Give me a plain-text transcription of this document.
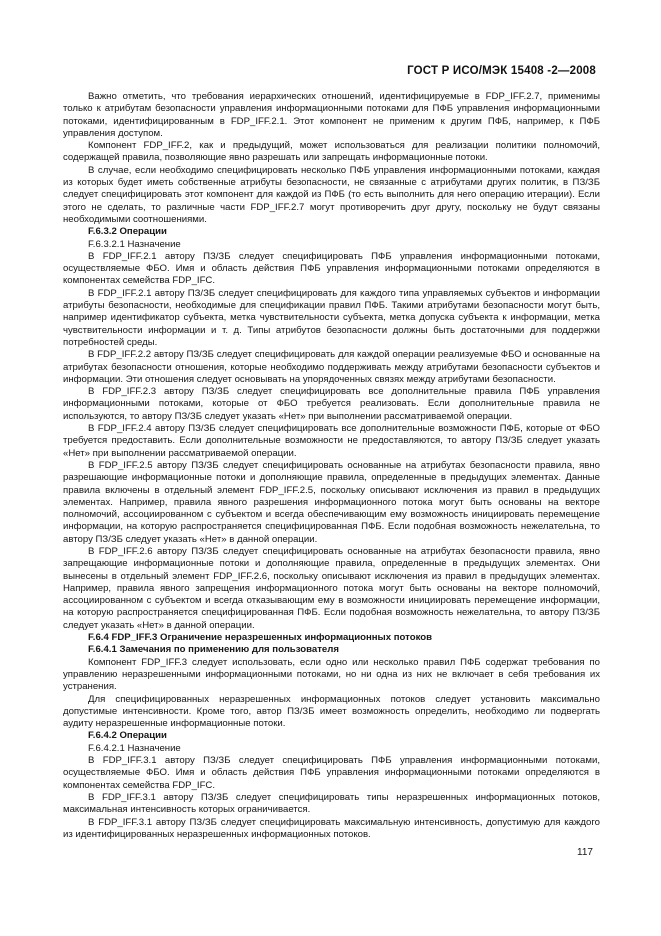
ГОСТ Р ИСО/МЭК 15408 -2—2008

Важно отметить, что требования иерархических отношений, идентифицируемые в FDP_IFF.2.7, применимы только к атрибутам безопасности управления информационными потоками для ПФБ управления информационными потоками, идентифицированным в FDP_IFF.2.1. Этот компонент не применим к другим ПФБ, например, к ПФБ управления доступом.

Компонент FDP_IFF.2, как и предыдущий, может использоваться для реализации политики полномочий, содержащей правила, позволяющие явно разрешать или запрещать информационные потоки.

В случае, если необходимо специфицировать несколько ПФБ управления информационными потоками, каждая из которых будет иметь собственные атрибуты безопасности, не связанные с атрибутами других политик, в ПЗ/ЗБ следует специфицировать этот компонент для каждой из ПФБ (то есть выполнить для него операцию итерации). Если этого не сделать, то различные части FDP_IFF.2.7 могут противоречить друг другу, поскольку не будут связаны необходимыми соотношениями.

F.6.3.2 Операции
F.6.3.2.1 Назначение

В FDP_IFF.2.1 автору ПЗ/ЗБ следует специфицировать ПФБ управления информационными потоками, осуществляемые ФБО. Имя и область действия ПФБ управления информационными потоками определяются в компонентах семейства FDP_IFC.

В FDP_IFF.2.1 автору ПЗ/ЗБ следует специфицировать для каждого типа управляемых субъектов и информации атрибуты безопасности, необходимые для спецификации правил ПФБ. Такими атрибутами безопасности могут быть, например идентификатор субъекта, метка чувствительности субъекта, метка допуска субъекта к информации, метка чувствительности информации и т. д. Типы атрибутов безопасности должны быть достаточными для поддержки потребностей среды.

В FDP_IFF.2.2 автору ПЗ/ЗБ следует специфицировать для каждой операции реализуемые ФБО и основанные на атрибутах безопасности отношения, которые необходимо поддерживать между атрибутами безопасности субъектов и информации. Эти отношения следует основывать на упорядоченных связях между атрибутами безопасности.

В FDP_IFF.2.3 автору ПЗ/ЗБ следует специфицировать все дополнительные правила ПФБ управления информационными потоками, которые от ФБО требуется реализовать. Если дополнительные правила не используются, то автору ПЗ/ЗБ следует указать «Нет» при выполнении рассматриваемой операции.

В FDP_IFF.2.4 автору ПЗ/ЗБ следует специфицировать все дополнительные возможности ПФБ, которые от ФБО требуется предоставить. Если дополнительные возможности не предоставляются, то автору ПЗ/ЗБ следует указать «Нет» при выполнении рассматриваемой операции.

В FDP_IFF.2.5 автору ПЗ/ЗБ следует специфицировать основанные на атрибутах безопасности правила, явно разрешающие информационные потоки и дополняющие правила, определенные в предыдущих элементах. Данные правила включены в отдельный элемент FDP_IFF.2.5, поскольку описывают исключения из правил в предыдущих элементах. Например, правила явного разрешения информационного потока могут быть основаны на векторе полномочий, ассоциированном с субъектом и всегда обеспечивающим ему возможность инициировать перемещение информации, на которую распространяется специфицированная ПФБ. Если подобная возможность нежелательна, то автору ПЗ/ЗБ следует указать «Нет» в данной операции.

В FDP_IFF.2.6 автору ПЗ/ЗБ следует специфицировать основанные на атрибутах безопасности правила, явно запрещающие информационные потоки и дополняющие правила, определенные в предыдущих элементах. Они вынесены в отдельный элемент FDP_IFF.2.6, поскольку описывают исключения из правил в предыдущих элементах. Например, правила явного запрещения информационного потока могут быть основаны на векторе полномочий, ассоциированном с субъектом и всегда отказывающим ему в возможности инициировать перемещение информации, на которую распространяется специфицированная ПФБ. Если подобная возможность нежелательна, то автору ПЗ/ЗБ следует указать «Нет» в данной операции.

F.6.4 FDP_IFF.3 Ограничение неразрешенных информационных потоков
F.6.4.1 Замечания по применению для пользователя

Компонент FDP_IFF.3 следует использовать, если одно или несколько правил ПФБ содержат требования по управлению неразрешенными информационными потоками, но ни одна из них не включает в себя требования их устранения.

Для специфицированных неразрешенных информационных потоков следует установить максимально допустимые интенсивности. Кроме того, автор ПЗ/ЗБ имеет возможность определить, необходимо ли подвергать аудиту неразрешенные информационные потоки.

F.6.4.2 Операции
F.6.4.2.1 Назначение

В FDP_IFF.3.1 автору ПЗ/ЗБ следует специфицировать ПФБ управления информационными потоками, осуществляемые ФБО. Имя и область действия ПФБ управления информационными потоками определяются в компонентах семейства FDP_IFC.

В FDP_IFF.3.1 автору ПЗ/ЗБ следует специфицировать типы неразрешенных информационных потоков, максимальная интенсивность которых ограничивается.

В FDP_IFF.3.1 автору ПЗ/ЗБ следует специфицировать максимальную интенсивность, допустимую для каждого из идентифицированных неразрешенных информационных потоков.

117
